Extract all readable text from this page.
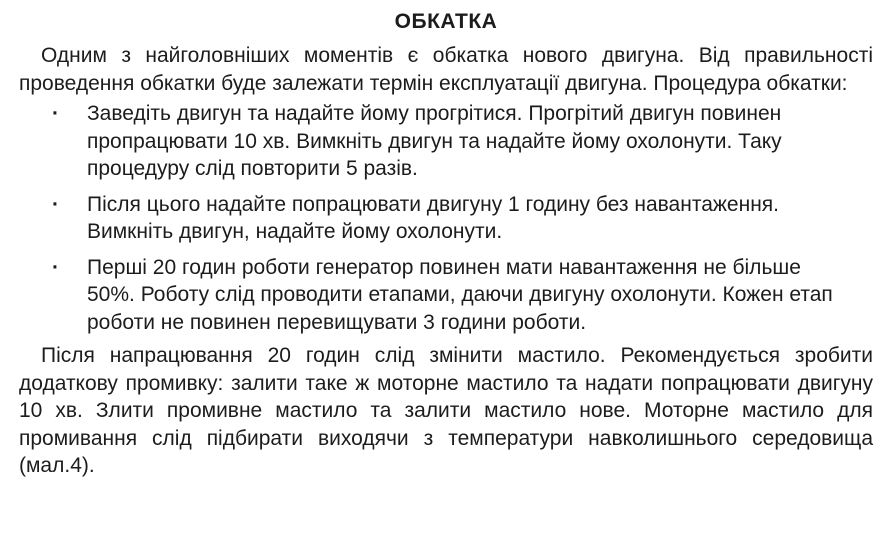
ОБКАТКА

Одним з найголовніших моментів є обкатка нового двигуна. Від правильності проведення обкатки буде залежати термін експлуатації двигуна. Процедура обкатки:

· Заведіть двигун та надайте йому прогрітися. Прогрітий двигун повинен пропрацювати 10 хв. Вимкніть двигун та надайте йому охолонути. Таку процедуру слід повторити 5 разів.
· Після цього надайте попрацювати двигуну 1 годину без навантаження. Вимкніть двигун, надайте йому охолонути.
· Перші 20 годин роботи генератор повинен мати навантаження не більше 50%. Роботу слід проводити етапами, даючи двигуну охолонути. Кожен етап роботи не повинен перевищувати 3 години роботи.

Після напрацювання 20 годин слід змінити мастило. Рекомендується зробити додаткову промивку: залити таке ж моторне мастило та надати попрацювати двигуну 10 хв. Злити промивне мастило та залити мастило нове. Моторне мастило для промивання слід підбирати виходячи з температури навколишнього середовища (мал.4).
